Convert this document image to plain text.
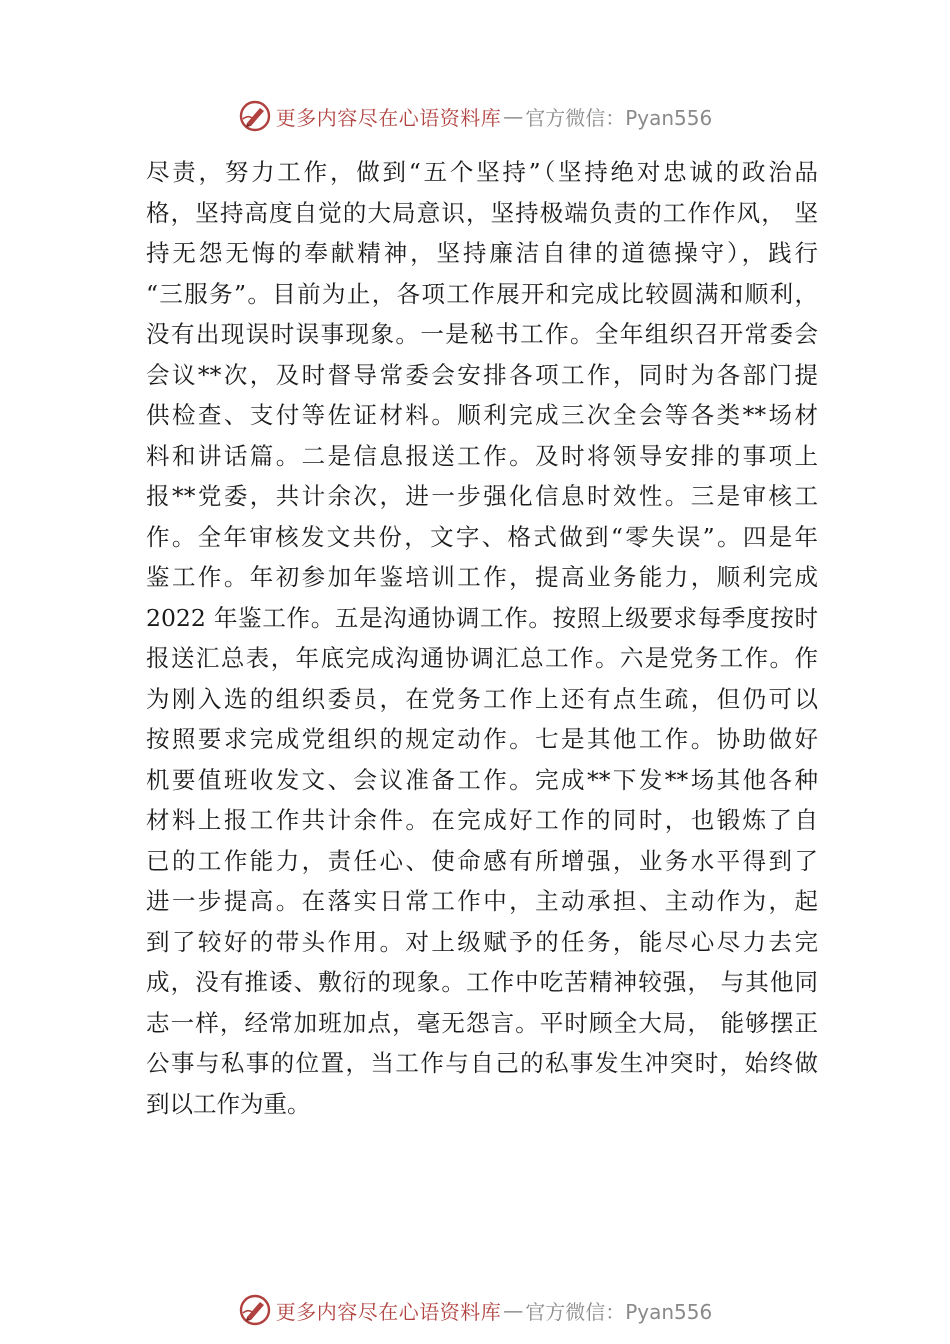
更多内容尽在心语资料库 — 官方微信：Pyan556
尽责，努力工作，做到“五个坚持”（坚持绝对忠诚的政治品
格，坚持高度自觉的大局意识，坚持极端负责的工作作风， 坚
持无怨无悔的奉献精神，坚持廉洁自律的道德操守），践行
“三服务”。目前为止，各项工作展开和完成比较圆满和顺利，
没有出现误时误事现象。一是秘书工作。全年组织召开常委会
会议**次，及时督导常委会安排各项工作，同时为各部门提
供检查、支付等佐证材料。顺利完成三次全会等各类**场材
料和讲话篇。二是信息报送工作。及时将领导安排的事项上
报**党委，共计余次，进一步强化信息时效性。三是审核工
作。全年审核发文共份，文字、格式做到“零失误”。四是年
鉴工作。年初参加年鉴培训工作，提高业务能力，顺利完成
2022 年鉴工作。五是沟通协调工作。按照上级要求每季度按时
报送汇总表，年底完成沟通协调汇总工作。六是党务工作。作
为刚入选的组织委员，在党务工作上还有点生疏，但仍可以
按照要求完成党组织的规定动作。七是其他工作。协助做好
机要值班收发文、会议准备工作。完成**下发**场其他各种
材料上报工作共计余件。在完成好工作的同时，也锻炼了自
已的工作能力，责任心、使命感有所增强，业务水平得到了
进一步提高。在落实日常工作中，主动承担、主动作为，起
到了较好的带头作用。对上级赋予的任务，能尽心尽力去完
成，没有推诿、敷衍的现象。工作中吃苦精神较强， 与其他同
志一样，经常加班加点，毫无怨言。平时顾全大局， 能够摆正
公事与私事的位置，当工作与自己的私事发生冲突时，始终做
到以工作为重。
更多内容尽在心语资料库 — 官方微信：Pyan556
